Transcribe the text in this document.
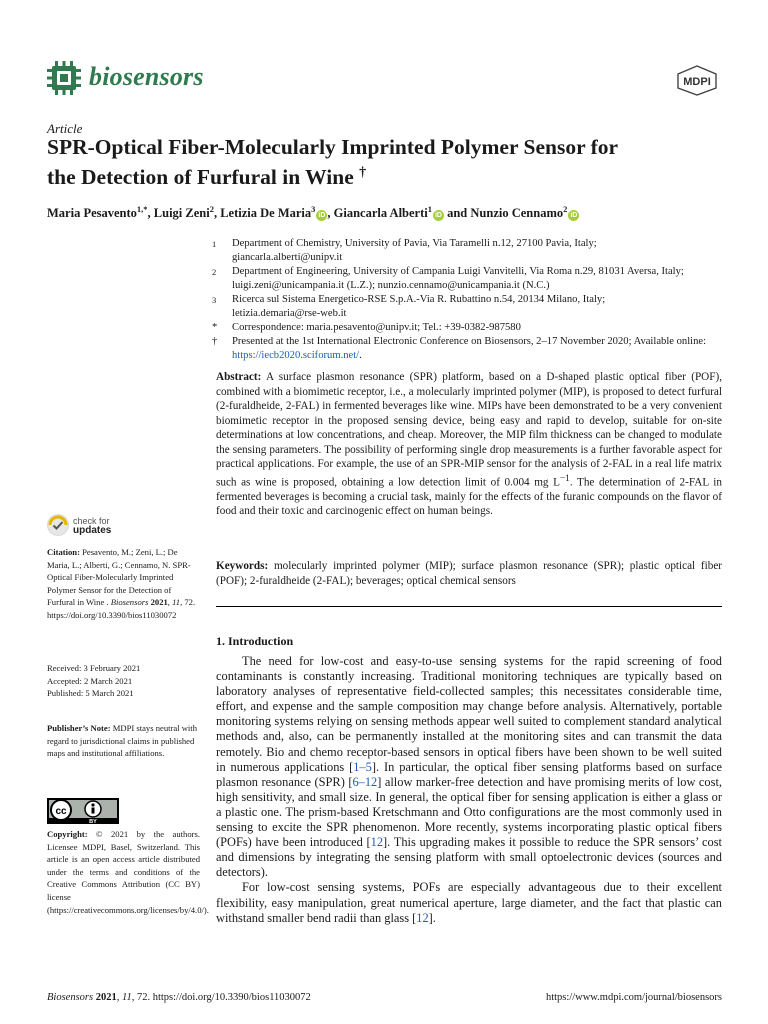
biosensors	MDPI
Article
SPR-Optical Fiber-Molecularly Imprinted Polymer Sensor for
the Detection of Furfural in Wine †
Maria Pesavento$^{1,*}$, Luigi Zeni$^2$, Letizia De Maria$^3$iD , Giancarla Alberti$^1$iD and Nunzio Cennamo$^2$iD
1 Department of Chemistry, University of Pavia, Via Taramelli n.12, 27100 Pavia, Italy;
giancarla.alberti@unipv.it
2 Department of Engineering, University of Campania Luigi Vanvitelli, Via Roma n.29, 81031 Aversa, Italy;
luigi.zeni@unicampania.it (L.Z.); nunzio.cennamo@unicampania.it (N.C.)
3 Ricerca sul Sistema Energetico-RSE S.p.A.-Via R. Rubattino n.54, 20134 Milano, Italy;
letizia.demaria@rse-web.it
* Correspondence: maria.pesavento@unipv.it; Tel.: +39-0382-987580
† Presented at the 1st International Electronic Conference on Biosensors, 2–17 November 2020; Available online:
https://iecb2020.sciforum.net/.
Abstract: A surface plasmon resonance (SPR) platform, based on a D-shaped plastic optical fiber (POF), combined with a biomimetic receptor, i.e., a molecularly imprinted polymer (MIP), is proposed to detect furfural (2-furaldheide, 2-FAL) in fermented beverages like wine. MIPs have been demonstrated to be a very convenient biomimetic receptor in the proposed sensing device, being easy and rapid to develop, suitable for on-site determinations at low concentrations, and cheap. Moreover, the MIP film thickness can be changed to modulate the sensing parameters. The possibility of performing single drop measurements is a further favorable aspect for practical applications. For example, the use of an SPR-MIP sensor for the analysis of 2-FAL in a real life matrix such as wine is proposed, obtaining a low detection limit of 0.004 mg $L^{-1}$. The determination of 2-FAL in fermented beverages is becoming a crucial task, mainly for the effects of the furanic compounds on the flavor of food and their toxic and carcinogenic effect on human beings.
Keywords: molecularly imprinted polymer (MIP); surface plasmon resonance (SPR); plastic optical fiber (POF); 2-furaldheide (2-FAL); beverages; optical chemical sensors
check for
updates
Citation: Pesavento, M.; Zeni, L.; De Maria, L.; Alberti, G.; Cennamo, N. SPR-Optical Fiber-Molecularly Imprinted Polymer Sensor for the Detection of Furfural in Wine . Biosensors 2021, 11, 72. https://doi.org/10.3390/bios11030072
Received: 3 February 2021
Accepted: 2 March 2021
Published: 5 March 2021
Publisher’s Note: MDPI stays neutral with regard to jurisdictional claims in published maps and institutional affiliations.
cc
BY
Copyright: © 2021 by the authors. Licensee MDPI, Basel, Switzerland. This article is an open access article distributed under the terms and conditions of the Creative Commons Attribution (CC BY) license (https://creativecommons.org/licenses/by/4.0/).
1. Introduction

The need for low-cost and easy-to-use sensing systems for the rapid screening of food contaminants is constantly increasing. Traditional monitoring techniques are typically based on laboratory analyses of representative field-collected samples; this necessitates considerable time, effort, and expense and the sample composition may change before analysis. Alternatively, portable monitoring systems relying on sensing methods appear well suited to complement standard analytical methods and, also, can be permanently installed at the monitoring sites and can transmit the data remotely. Bio and chemo receptor-based sensors in optical fibers have been shown to be well suited in numerous applications [1–5]. In particular, the optical fiber sensing platforms based on surface plasmon resonance (SPR) [6–12] allow marker-free detection and have promising merits of low cost, high sensitivity, and small size. In general, the optical fiber for sensing application is either a glass or a plastic one. The prism-based Kretschmann and Otto configurations are the most commonly used in sensing to excite the SPR phenomenon. More recently, systems incorporating plastic optical fibers (POFs) have been introduced [12]. This upgrading makes it possible to reduce the SPR sensors’ cost and dimensions by integrating the sensing platform with small optoelectronic devices (sources and detectors).

For low-cost sensing systems, POFs are especially advantageous due to their excellent flexibility, easy manipulation, great numerical aperture, large diameter, and the fact that plastic can withstand smaller bend radii than glass [12].

Biosensors 2021, 11, 72. https://doi.org/10.3390/bios11030072	https://www.mdpi.com/journal/biosensors
